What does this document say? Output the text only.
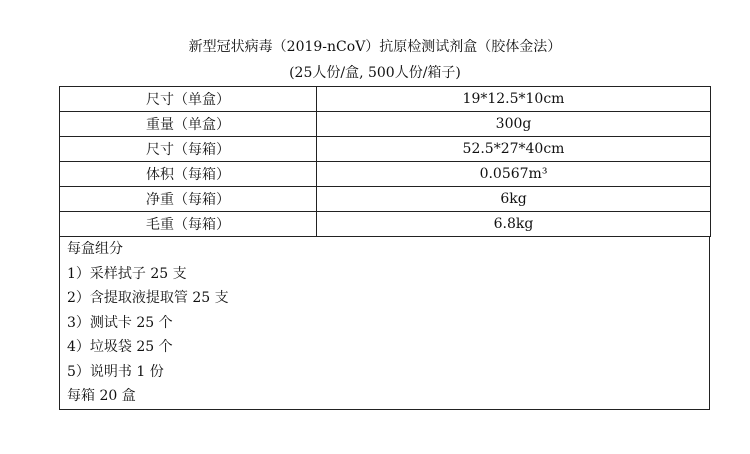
新型冠状病毒（2019-nCoV）抗原检测试剂盒（胶体金法）
(25人份/盒, 500人份/箱子)
尺寸（单盒）	19*12.5*10cm
重量（单盒）	300g
尺寸（每箱）	52.5*27*40cm
体积（每箱）	0.0567m³
净重（每箱）	6kg
毛重（每箱）	6.8kg
每盒组分
1）采样拭子 25 支
2）含提取液提取管 25 支
3）测试卡 25 个
4）垃圾袋 25 个
5）说明书 1 份
每箱 20 盒
